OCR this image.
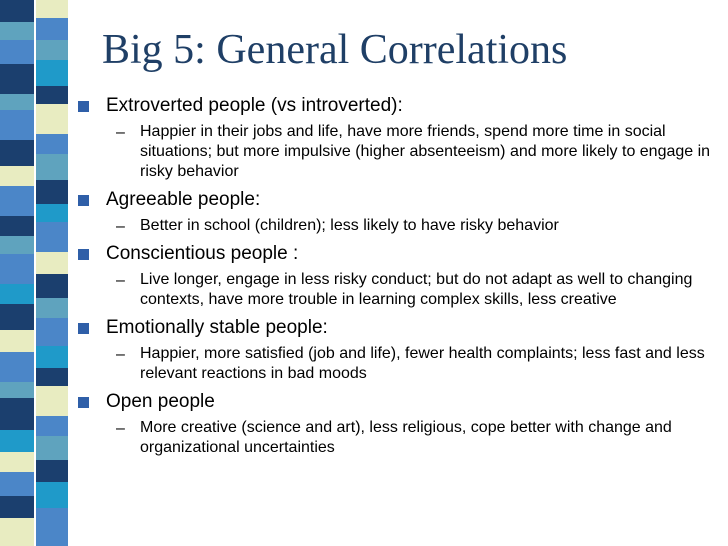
Big 5: General Correlations
Extroverted people (vs introverted):
– Happier in their jobs and life, have more friends, spend more time in social situations; but more impulsive (higher absenteeism) and more likely to engage in risky behavior
Agreeable people:
– Better in school (children); less likely to have risky behavior
Conscientious people :
– Live longer, engage in less risky conduct; but do not adapt as well to changing contexts, have more trouble in learning complex skills, less creative
Emotionally stable people:
– Happier, more satisfied (job and life), fewer health complaints; less fast and less relevant reactions in bad moods
Open people
– More creative (science and art), less religious, cope better with change and organizational uncertainties
